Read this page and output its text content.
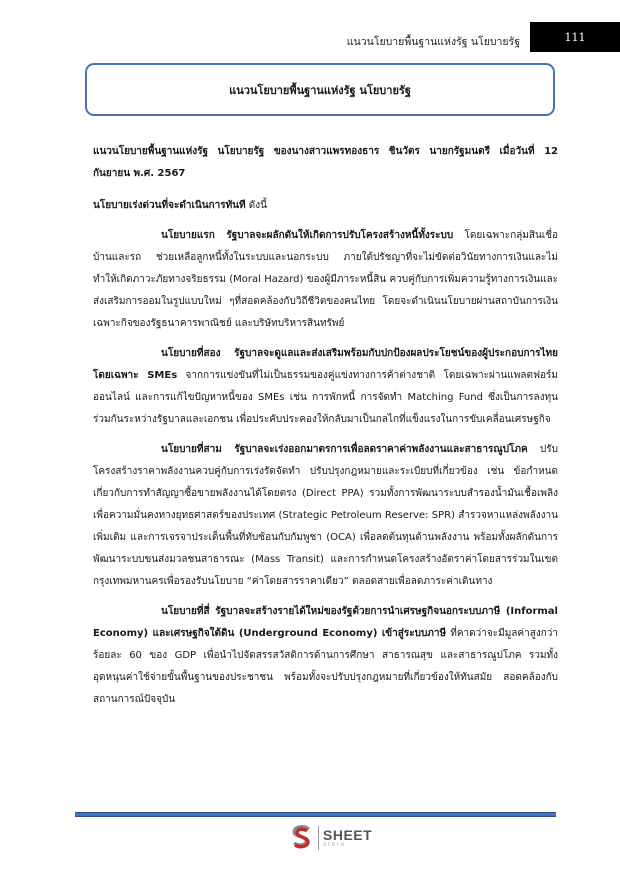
แนวนโยบายพื้นฐานแห่งรัฐ นโยบายรัฐ	111
แนวนโยบายพื้นฐานแห่งรัฐ นโยบายรัฐ

แนวนโยบายพื้นฐานแห่งรัฐ นโยบายรัฐ ของนางสาวแพรทองธาร ชินวัตร นายกรัฐมนตรี เมื่อวันที่ 12 กันยายน พ.ศ. 2567

นโยบายเร่งด่วนที่จะดำเนินการทันที ดังนี้

นโยบายแรก รัฐบาลจะผลักดันให้เกิดการปรับโครงสร้างหนี้ทั้งระบบ โดยเฉพาะกลุ่มสินเชื่อบ้านและรถ ช่วยเหลือลูกหนี้ทั้งในระบบและนอกระบบ ภายใต้ปรัชญาที่จะไม่ขัดต่อวินัยทางการเงินและไม่ทำให้เกิดภาวะภัยทางจริยธรรม (Moral Hazard) ของผู้มีภาระหนี้สิน ควบคู่กับการเพิ่มความรู้ทางการเงินและส่งเสริมการออมในรูปแบบใหม่ ๆที่สอดคล้องกับวิถีชีวิตของคนไทย โดยจะดำเนินนโยบายผ่านสถาบันการเงินเฉพาะกิจของรัฐธนาคารพาณิชย์ และบริษัทบริหารสินทรัพย์

นโยบายที่สอง รัฐบาลจะดูแลและส่งเสริมพร้อมกับปกป้องผลประโยชน์ของผู้ประกอบการไทยโดยเฉพาะ SMEs จากการแข่งขันที่ไม่เป็นธรรมของคู่แข่งทางการค้าต่างชาติ โดยเฉพาะผ่านแพลตฟอร์มออนไลน์ และการแก้ไขปัญหาหนี้ของ SMEs เช่น การพักหนี้ การจัดทำ Matching Fund ซึ่งเป็นการลงทุนร่วมกันระหว่างรัฐบาลและเอกชน เพื่อประคับประคองให้กลับมาเป็นกลไกที่แข็งแรงในการขับเคลื่อนเศรษฐกิจ

นโยบายที่สาม รัฐบาลจะเร่งออกมาตรการเพื่อลดราคาค่าพลังงานและสาธารณูปโภค ปรับโครงสร้างราคาพลังงานควบคู่กับการเร่งรัดจัดทำ ปรับปรุงกฎหมายและระเบียบที่เกี่ยวข้อง เช่น ข้อกำหนดเกี่ยวกับการทำสัญญาซื้อขายพลังงานได้โดยตรง (Direct PPA) รวมทั้งการพัฒนาระบบสำรองน้ำมันเชื้อเพลิงเพื่อความมั่นคงทางยุทธศาสตร์ของประเทศ (Strategic Petroleum Reserve: SPR) สำรวจหาแหล่งพลังงานเพิ่มเติม และการเจรจาประเด็นพื้นที่ทับซ้อนกับกัมพูชา (OCA) เพื่อลดต้นทุนด้านพลังงาน พร้อมทั้งผลักดันการพัฒนาระบบขนส่งมวลชนสาธารณะ (Mass Transit) และการกำหนดโครงสร้างอัตราค่าโดยสารร่วมในเขตกรุงเทพมหานครเพื่อรองรับนโยบาย “ค่าโดยสารราคาเดียว” ตลอดสายเพื่อลดภาระค่าเดินทาง

นโยบายที่สี่ รัฐบาลจะสร้างรายได้ใหม่ของรัฐด้วยการนำเศรษฐกิจนอกระบบภาษี (Informal Economy) และเศรษฐกิจใต้ดิน (Underground Economy) เข้าสู่ระบบภาษี ที่คาดว่าจะมีมูลค่าสูงกว่าร้อยละ 60 ของ GDP เพื่อนำไปจัดสรรสวัสดิการด้านการศึกษา สาธารณสุข และสาธารณูปโภค รวมทั้งอุดหนุนค่าใช้จ่ายขั้นพื้นฐานของประชาชน พร้อมทั้งจะปรับปรุงกฎหมายที่เกี่ยวข้องให้ทันสมัย สอดคล้องกับสถานการณ์ปัจจุบัน

SHEET
store
